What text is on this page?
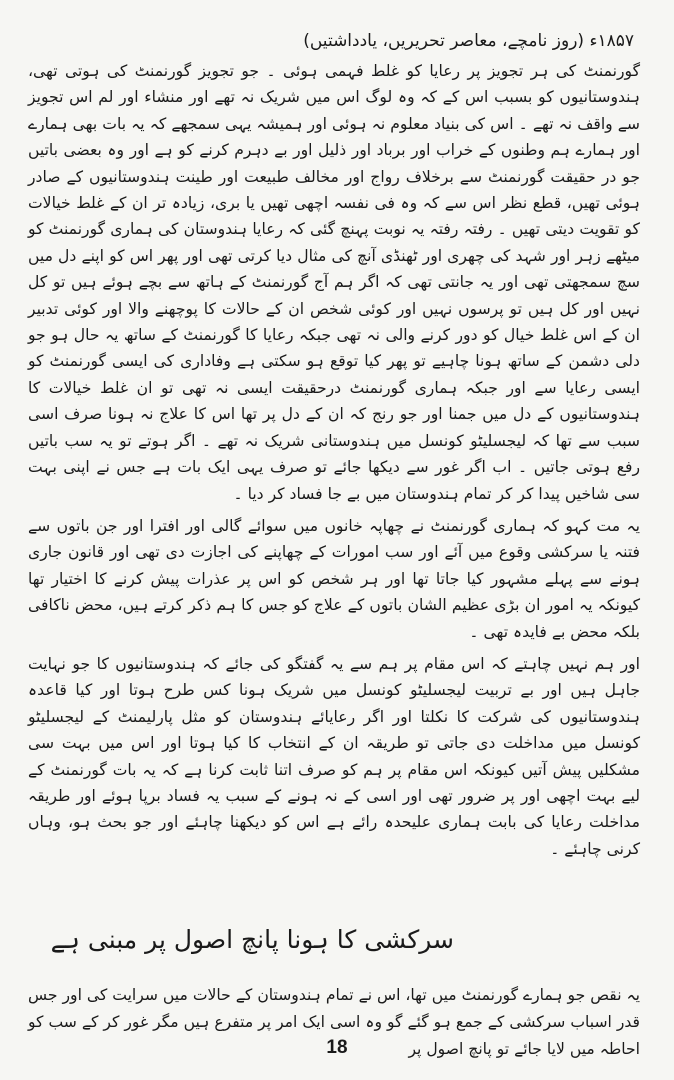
۱۸۵۷ء (روز نامچے، معاصر تحریریں، یادداشتیں)

گورنمنٹ کی ہر تجویز پر رعایا کو غلط فہمی ہوئی ۔ جو تجویز گورنمنٹ کی ہوتی تھی، ہندوستانیوں کو بسبب اس کے کہ وہ لوگ اس میں شریک نہ تھے اور منشاء اور لم اس تجویز سے واقف نہ تھے ۔ اس کی بنیاد معلوم نہ ہوئی اور ہمیشہ یہی سمجھے کہ یہ بات بھی ہمارے اور ہمارے ہم وطنوں کے خراب اور برباد اور ذلیل اور بے دہرم کرنے کو ہے اور وہ بعضی باتیں جو در حقیقت گورنمنٹ سے برخلاف رواج اور مخالف طبیعت اور طینت ہندوستانیوں کے صادر ہوئی تھیں، قطع نظر اس سے کہ وہ فی نفسہ اچھی تھیں یا بری، زیادہ تر ان کے غلط خیالات کو تقویت دیتی تھیں ۔ رفتہ رفتہ یہ نوبت پہنچ گئی کہ رعایا ہندوستان کی ہماری گورنمنٹ کو میٹھے زہر اور شہد کی چھری اور ٹھنڈی آنچ کی مثال دیا کرتی تھی اور پھر اس کو اپنے دل میں سچ سمجھتی تھی اور یہ جانتی تھی کہ اگر ہم آج گورنمنٹ کے ہاتھ سے بچے ہوئے ہیں تو کل نہیں اور کل ہیں تو پرسوں نہیں اور کوئی شخص ان کے حالات کا پوچھنے والا اور کوئی تدبیر ان کے اس غلط خیال کو دور کرنے والی نہ تھی جبکہ رعایا کا گورنمنٹ کے ساتھ یہ حال ہو جو دلی دشمن کے ساتھ ہونا چاہیے تو پھر کیا توقع ہو سکتی ہے وفاداری کی ایسی گورنمنٹ کو ایسی رعایا سے اور جبکہ ہماری گورنمنٹ درحقیقت ایسی نہ تھی تو ان غلط خیالات کا ہندوستانیوں کے دل میں جمنا اور جو رنج کہ ان کے دل پر تھا اس کا علاج نہ ہونا صرف اسی سبب سے تھا کہ لیجسلیٹو کونسل میں ہندوستانی شریک نہ تھے ۔ اگر ہوتے تو یہ سب باتیں رفع ہوتی جاتیں ۔ اب اگر غور سے دیکھا جائے تو صرف یہی ایک بات ہے جس نے اپنی بہت سی شاخیں پیدا کر کر تمام ہندوستان میں بے جا فساد کر دیا ۔

یہ مت کہو کہ ہماری گورنمنٹ نے چھاپہ خانوں میں سوائے گالی اور افترا اور جن باتوں سے فتنہ یا سرکشی وقوع میں آئے اور سب امورات کے چھاپنے کی اجازت دی تھی اور قانون جاری ہونے سے پہلے مشہور کیا جاتا تھا اور ہر شخص کو اس پر عذرات پیش کرنے کا اختیار تھا کیونکہ یہ امور ان بڑی عظیم الشان باتوں کے علاج کو جس کا ہم ذکر کرتے ہیں، محض ناکافی بلکہ محض بے فایدہ تھی ۔

اور ہم نہیں چاہتے کہ اس مقام پر ہم سے یہ گفتگو کی جائے کہ ہندوستانیوں کا جو نہایت جاہل ہیں اور بے تربیت لیجسلیٹو کونسل میں شریک ہونا کس طرح ہوتا اور کیا قاعدہ ہندوستانیوں کی شرکت کا نکلتا اور اگر رعایائے ہندوستان کو مثل پارلیمنٹ کے لیجسلیٹو کونسل میں مداخلت دی جاتی تو طریقہ ان کے انتخاب کا کیا ہوتا اور اس میں بہت سی مشکلیں پیش آتیں کیونکہ اس مقام پر ہم کو صرف اتنا ثابت کرنا ہے کہ یہ بات گورنمنٹ کے لیے بہت اچھی اور پر ضرور تھی اور اسی کے نہ ہونے کے سبب یہ فساد برپا ہوئے اور طریقہ مداخلت رعایا کی بابت ہماری علیحدہ رائے ہے اس کو دیکھنا چاہئے اور جو بحث ہو، وہاں کرنی چاہئے ۔

سرکشی کا ہونا پانچ اصول پر مبنی ہے

یہ نقص جو ہمارے گورنمنٹ میں تھا، اس نے تمام ہندوستان کے حالات میں سرایت کی اور جس قدر اسباب سرکشی کے جمع ہو گئے گو وہ اسی ایک امر پر متفرع ہیں مگر غور کر کے سب کو احاطہ میں لایا جائے تو پانچ اصول پر

18
